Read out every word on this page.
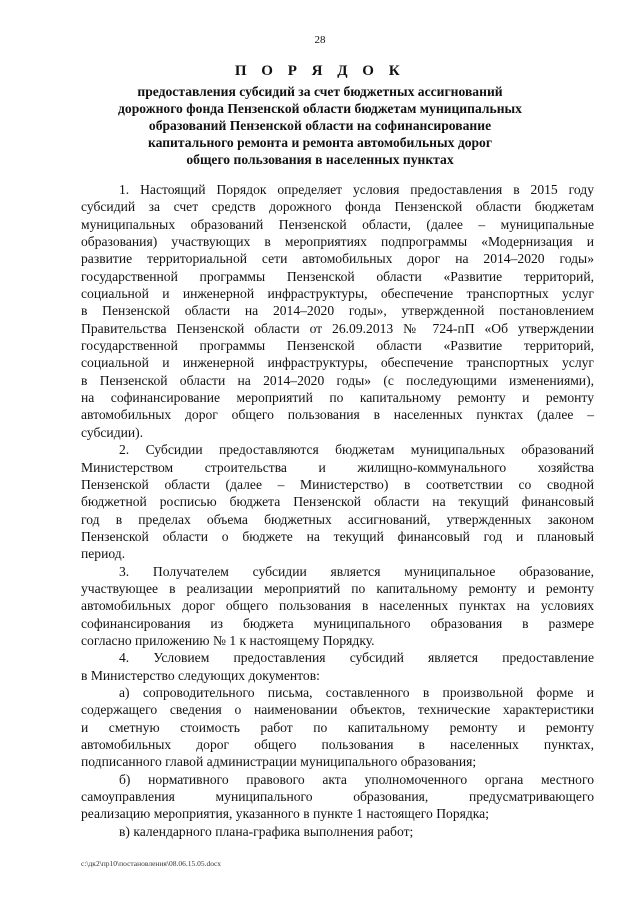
28
П О Р Я Д О К
предоставления субсидий за счет бюджетных ассигнований
дорожного фонда Пензенской области бюджетам муниципальных
образований Пензенской области на софинансирование
капитального ремонта и ремонта автомобильных дорог
общего пользования в населенных пунктах
1. Настоящий Порядок определяет условия предоставления в 2015 году
субсидий за счет средств дорожного фонда Пензенской области бюджетам
муниципальных образований Пензенской области, (далее – муниципальные
образования) участвующих в мероприятиях подпрограммы «Модернизация и
развитие территориальной сети автомобильных дорог на 2014–2020 годы»
государственной программы Пензенской области «Развитие территорий,
социальной и инженерной инфраструктуры, обеспечение транспортных услуг
в Пензенской области на 2014–2020 годы», утвержденной постановлением
Правительства Пензенской области от 26.09.2013 № 724-пП «Об утверждении
государственной программы Пензенской области «Развитие территорий,
социальной и инженерной инфраструктуры, обеспечение транспортных услуг
в Пензенской области на 2014–2020 годы» (с последующими изменениями),
на софинансирование мероприятий по капитальному ремонту и ремонту
автомобильных дорог общего пользования в населенных пунктах (далее –
субсидии).
2. Субсидии предоставляются бюджетам муниципальных образований
Министерством строительства и жилищно-коммунального хозяйства
Пензенской области (далее – Министерство) в соответствии со сводной
бюджетной росписью бюджета Пензенской области на текущий финансовый
год в пределах объема бюджетных ассигнований, утвержденных законом
Пензенской области о бюджете на текущий финансовый год и плановый
период.
3. Получателем субсидии является муниципальное образование,
участвующее в реализации мероприятий по капитальному ремонту и ремонту
автомобильных дорог общего пользования в населенных пунктах на условиях
софинансирования из бюджета муниципального образования в размере
согласно приложению № 1 к настоящему Порядку.
4. Условием предоставления субсидий является предоставление
в Министерство следующих документов:
а) сопроводительного письма, составленного в произвольной форме и
содержащего сведения о наименовании объектов, технические характеристики
и сметную стоимость работ по капитальному ремонту и ремонту
автомобильных дорог общего пользования в населенных пунктах,
подписанного главой администрации муниципального образования;
б) нормативного правового акта уполномоченного органа местного
самоуправления муниципального образования, предусматривающего
реализацию мероприятия, указанного в пункте 1 настоящего Порядка;
в) календарного плана-графика выполнения работ;
c:\дк2\пр10\постановления\08.06.15.05.docx
